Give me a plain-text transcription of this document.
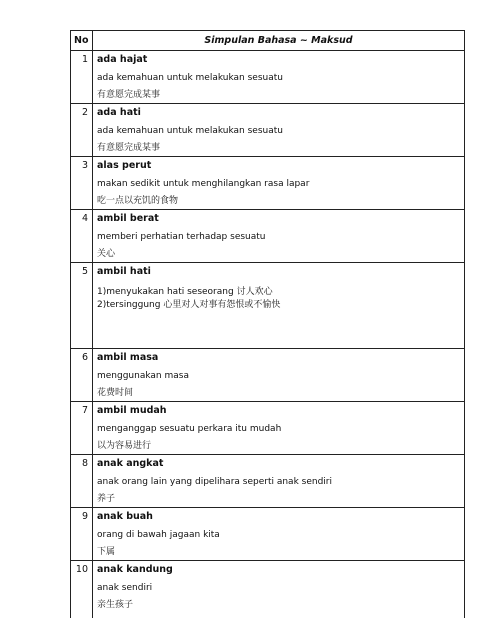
No	Simpulan Bahasa ~ Maksud
1	ada hajat
ada kemahuan untuk melakukan sesuatu
有意愿完成某事

2	ada hati
ada kemahuan untuk melakukan sesuatu
有意愿完成某事

3	alas perut
makan sedikit untuk menghilangkan rasa lapar
吃一点以充饥的食物

4	ambil berat
memberi perhatian terhadap sesuatu
关心

5	ambil hati
1)menyukakan hati seseorang 讨人欢心
2)tersinggung 心里对人对事有怨恨或不愉快

6	ambil masa
menggunakan masa
花费时间

7	ambil mudah
menganggap sesuatu perkara itu mudah
以为容易进行

8	anak angkat
anak orang lain yang dipelihara seperti anak sendiri
养子

9	anak buah
orang di bawah jagaan kita
下属

10	anak kandung
anak sendiri
亲生孩子
